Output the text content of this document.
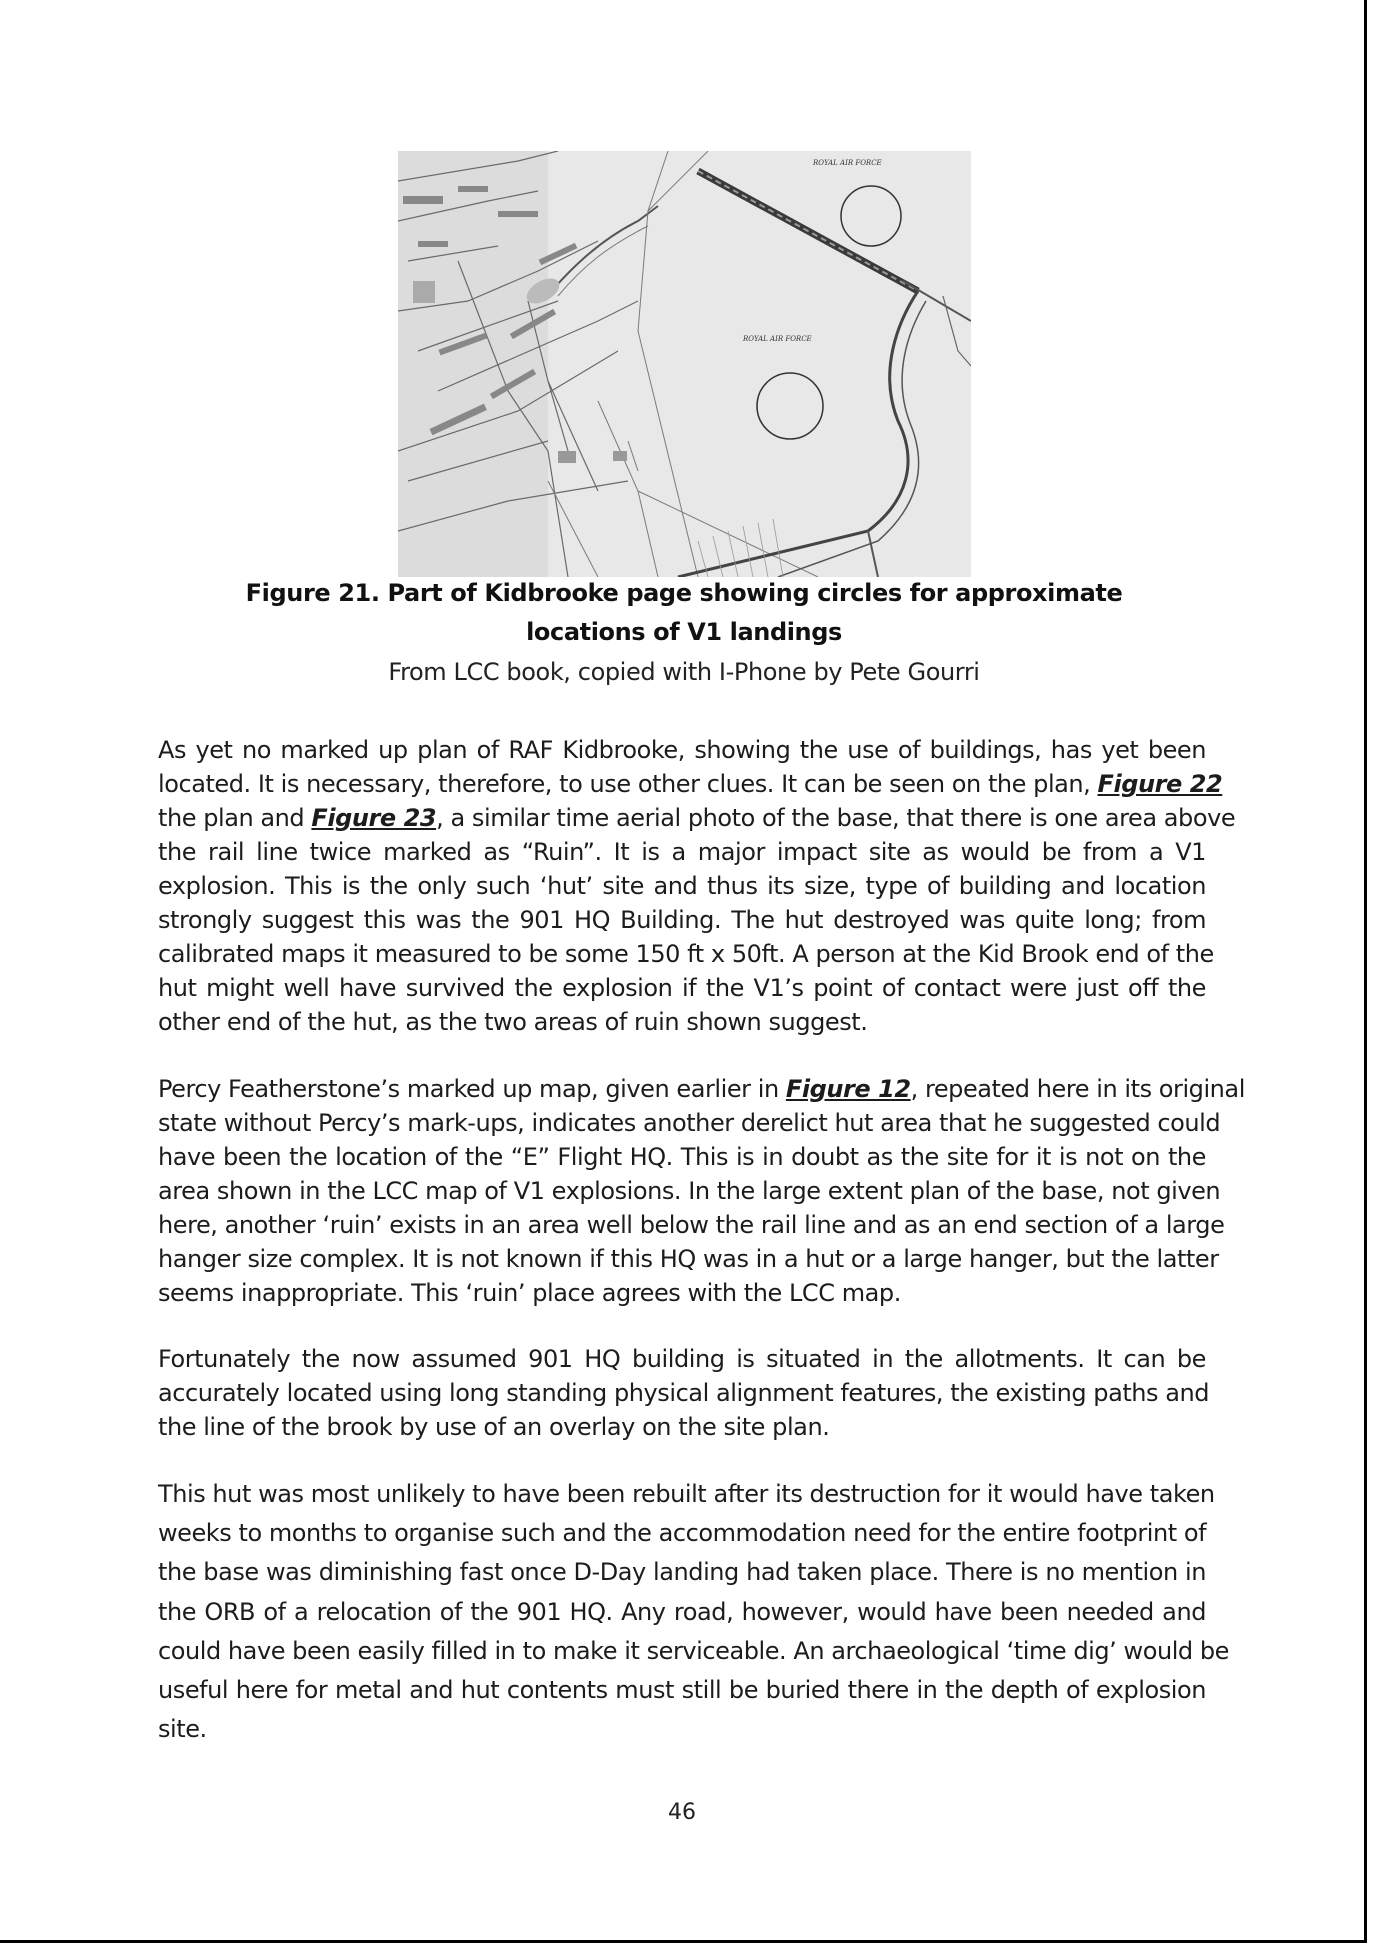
ROYAL AIR FORCE
ROYAL AIR FORCE
Figure 21. Part of Kidbrooke page showing circles for approximate
locations of V1 landings
From LCC book, copied with I-Phone by Pete Gourri
As yet no marked up plan of RAF Kidbrooke, showing the use of buildings, has yet been
located. It is necessary, therefore, to use other clues. It can be seen on the plan, Figure 22
the plan and Figure 23, a similar time aerial photo of the base, that there is one area above
the rail line twice marked as “Ruin”. It is a major impact site as would be from a V1
explosion. This is the only such ‘hut’ site and thus its size, type of building and location
strongly suggest this was the 901 HQ Building. The hut destroyed was quite long; from
calibrated maps it measured to be some 150 ft x 50ft. A person at the Kid Brook end of the
hut might well have survived the explosion if the V1’s point of contact were just off the
other end of the hut, as the two areas of ruin shown suggest.
Percy Featherstone’s marked up map, given earlier in Figure 12, repeated here in its original
state without Percy’s mark-ups, indicates another derelict hut area that he suggested could
have been the location of the “E” Flight HQ. This is in doubt as the site for it is not on the
area shown in the LCC map of V1 explosions. In the large extent plan of the base, not given
here, another ‘ruin’ exists in an area well below the rail line and as an end section of a large
hanger size complex. It is not known if this HQ was in a hut or a large hanger, but the latter
seems inappropriate. This ‘ruin’ place agrees with the LCC map.
Fortunately the now assumed 901 HQ building is situated in the allotments. It can be
accurately located using long standing physical alignment features, the existing paths and
the line of the brook by use of an overlay on the site plan.
This hut was most unlikely to have been rebuilt after its destruction for it would have taken
weeks to months to organise such and the accommodation need for the entire footprint of
the base was diminishing fast once D-Day landing had taken place. There is no mention in
the ORB of a relocation of the 901 HQ. Any road, however, would have been needed and
could have been easily filled in to make it serviceable. An archaeological ‘time dig’ would be
useful here for metal and hut contents must still be buried there in the depth of explosion
site.
46
